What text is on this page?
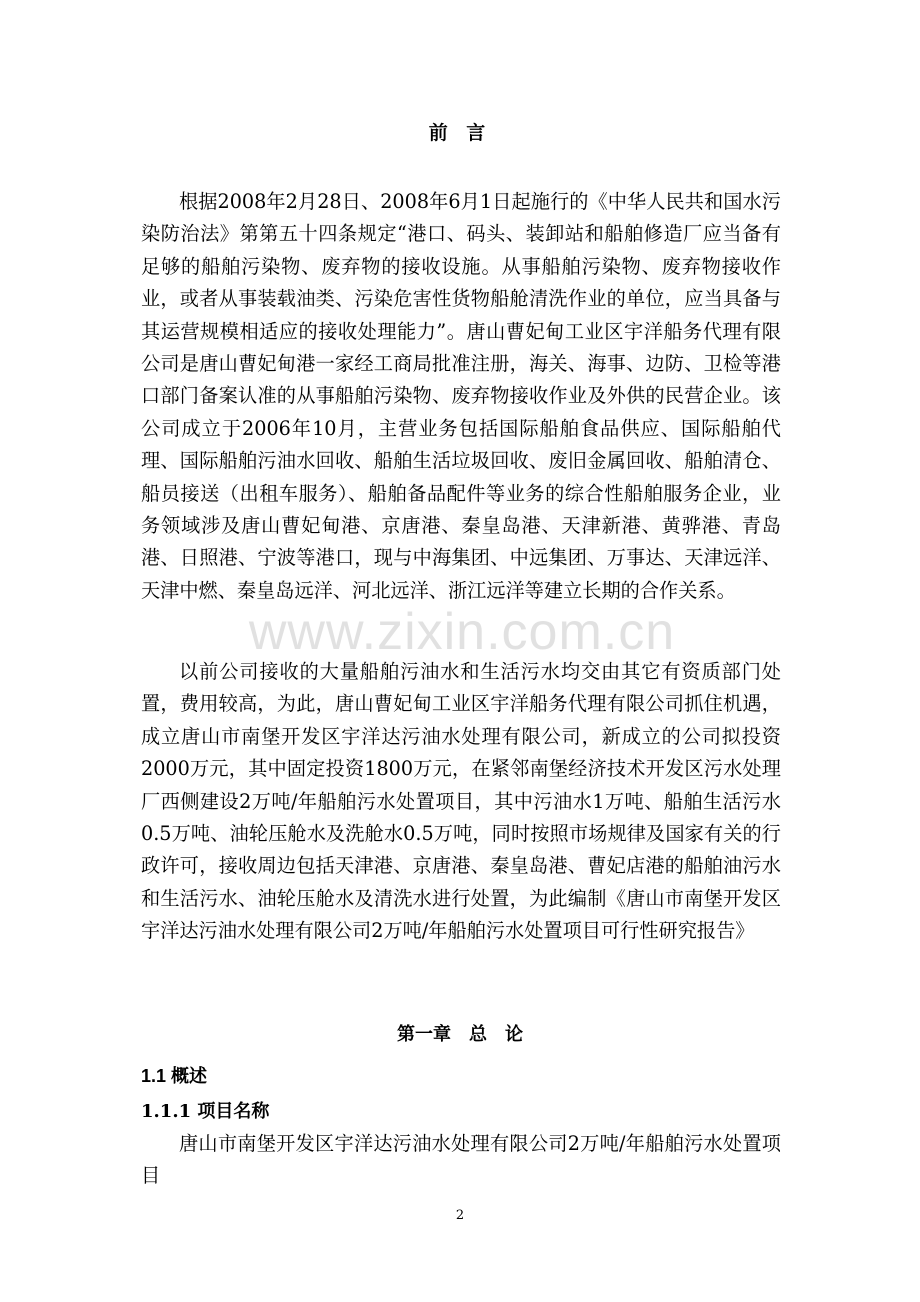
前 言

根据2008年2月28日、2008年6月1日起施行的《中华人民共和国水污染防治法》第第五十四条规定“港口、码头、装卸站和船舶修造厂应当备有足够的船舶污染物、废弃物的接收设施。从事船舶污染物、废弃物接收作业，或者从事装载油类、污染危害性货物船舱清洗作业的单位，应当具备与其运营规模相适应的接收处理能力”。唐山曹妃甸工业区宇洋船务代理有限公司是唐山曹妃甸港一家经工商局批准注册，海关、海事、边防、卫检等港口部门备案认准的从事船舶污染物、废弃物接收作业及外供的民营企业。该公司成立于2006年10月，主营业务包括国际船舶食品供应、国际船舶代理、国际船舶污油水回收、船舶生活垃圾回收、废旧金属回收、船舶清仓、船员接送（出租车服务）、船舶备品配件等业务的综合性船舶服务企业，业务领域涉及唐山曹妃甸港、京唐港、秦皇岛港、天津新港、黄骅港、青岛港、日照港、宁波等港口，现与中海集团、中远集团、万事达、天津远洋、天津中燃、秦皇岛远洋、河北远洋、浙江远洋等建立长期的合作关系。

以前公司接收的大量船舶污油水和生活污水均交由其它有资质部门处置，费用较高，为此，唐山曹妃甸工业区宇洋船务代理有限公司抓住机遇，成立唐山市南堡开发区宇洋达污油水处理有限公司，新成立的公司拟投资2000万元，其中固定投资1800万元，在紧邻南堡经济技术开发区污水处理厂西侧建设2万吨/年船舶污水处置项目，其中污油水1万吨、船舶生活污水0.5万吨、油轮压舱水及洗舱水0.5万吨，同时按照市场规律及国家有关的行政许可，接收周边包括天津港、京唐港、秦皇岛港、曹妃店港的船舶油污水和生活污水、油轮压舱水及清洗水进行处置，为此编制《唐山市南堡开发区宇洋达污油水处理有限公司2万吨/年船舶污水处置项目可行性研究报告》

第一章　总　论
1.1 概述
1.1.1 项目名称

唐山市南堡开发区宇洋达污油水处理有限公司2万吨/年船舶污水处置项目

www.zixin.com.cn
2
